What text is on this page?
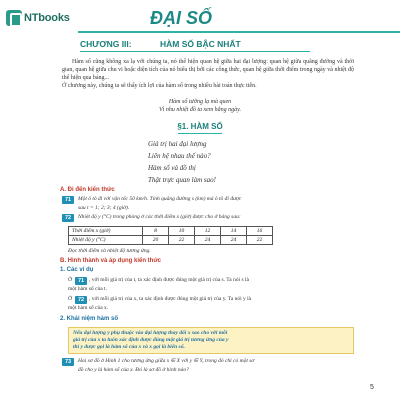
NTbooks	ĐẠI SỐ
CHƯƠNG III:	HÀM SỐ BẬC NHẤT

Hàm số cũng không xa lạ với chúng ta, nó thể hiện quan hệ giữa hai đại lượng: quan hệ giữa quãng đường và thời gian, quan hệ giữa chu vi hoặc diện tích của nó biểu thị bởi các công thức, quan hệ giữa thời điểm trong ngày và nhiệt độ thể hiện qua bảng...

Ở chương này, chúng ta sẽ thấy ích lợi của hàm số trong nhiều bài toán thực tiễn.

Hàm số tưởng lạ mà quen
Vì nhu nhiệt đồ ta xem hằng ngày.
§1. HÀM SỐ
Giá trị hai đại lượng
Liên hệ nhau thế nào?
Hàm số và đồ thị
Thật trực quan làm sao!
A. Đi đến kiến thức
71	Một ô tô đi với vận tốc 50 km/h. Tính quãng đường s (km) mà ô tô đi được
sau t = 1; 2; 3; 4 (giờ).
72	Nhiệt độ y (°C) trong phòng ở các thời điểm x (giờ) được cho ở bảng sau:
Thời điểm x (giờ)	8	10	12	14	16
Nhiệt độ y (°C)	20	22	24	24	22
Đọc thời điểm và nhiệt độ tương ứng.
B. Hình thành và áp dụng kiến thức
1. Các ví dụ
Ở	71 , với mỗi giá trị của t, ta xác định được đúng một giá trị của s. Ta nói s là
một hàm số của t.
Ở	72 , với mỗi giá trị của x, ta xác định được đúng một giá trị của y. Ta nói y là
một hàm số của x.
2. Khái niệm hàm số
Nếu đại lượng y phụ thuộc vào đại lượng thay đổi x sao cho với mỗi
giá trị của x ta luôn xác định được đúng một giá trị tương ứng của y
thì y được gọi là hàm số của x và x gọi là biến số.
73	Hai sơ đồ ở Hình 1 cho tương ứng giữa x ∈ X với y ∈ Y, trong đó chỉ có một sơ
đồ cho y là hàm số của x. Đó là sơ đồ ở hình nào?
5
